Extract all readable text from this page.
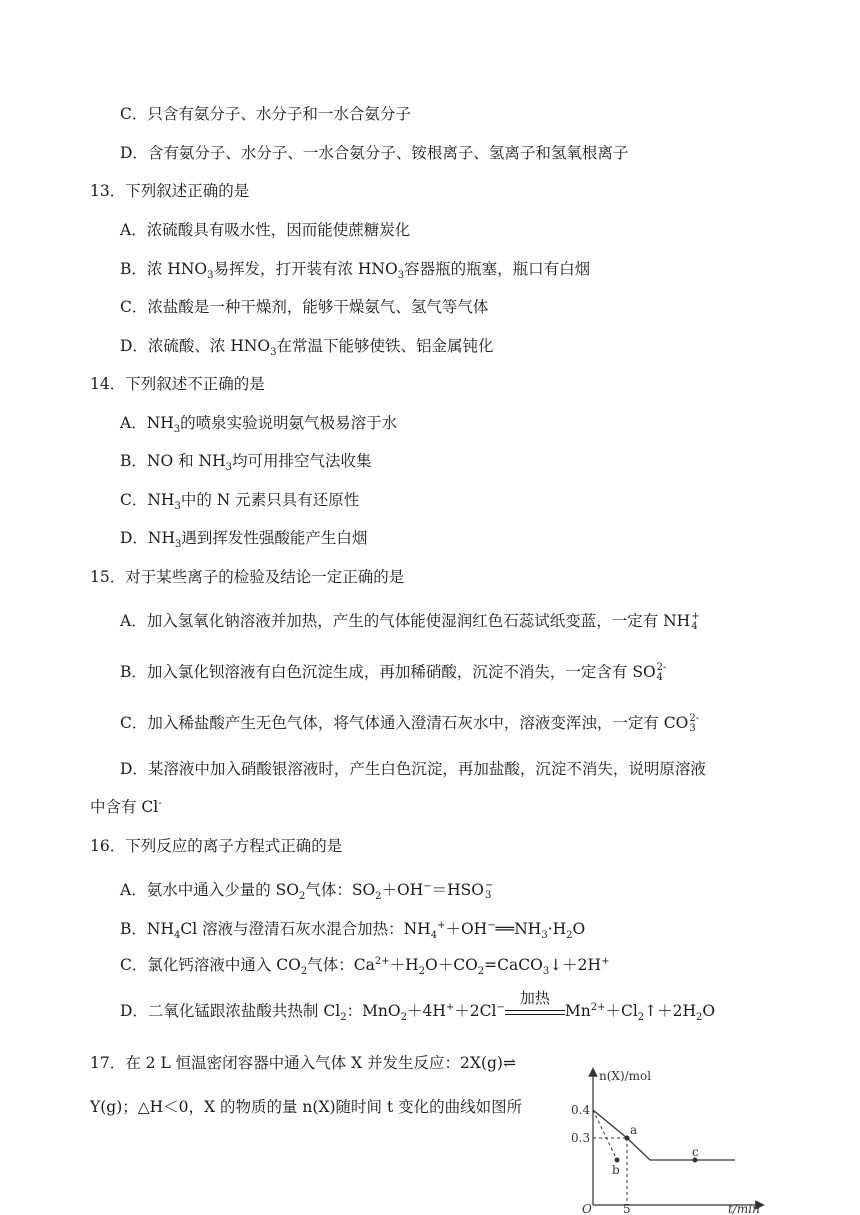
C．只含有氨分子、水分子和一水合氨分子
D．含有氨分子、水分子、一水合氨分子、铵根离子、氢离子和氢氧根离子
13．下列叙述正确的是
A．浓硫酸具有吸水性，因而能使蔗糖炭化
B．浓 $HNO_3$易挥发，打开装有浓 $HNO_3$容器瓶的瓶塞，瓶口有白烟
C．浓盐酸是一种干燥剂，能够干燥氨气、氢气等气体
D．浓硫酸、浓 $HNO_3$在常温下能够使铁、铝金属钝化
14．下列叙述不正确的是
A．$NH_3$的喷泉实验说明氨气极易溶于水
B．NO 和 $NH_3$均可用排空气法收集
C．$NH_3$中的 N 元素只具有还原性
D．$NH_3$遇到挥发性强酸能产生白烟
15．对于某些离子的检验及结论一定正确的是
A．加入氢氧化钠溶液并加热，产生的气体能使湿润红色石蕊试纸变蓝，一定有 NH +
4
B．加入氯化钡溶液有白色沉淀生成，再加稀硝酸，沉淀不消失，一定含有 SO 2-
4
C．加入稀盐酸产生无色气体，将气体通入澄清石灰水中，溶液变浑浊，一定有 CO 2-
3
D．某溶液中加入硝酸银溶液时，产生白色沉淀，再加盐酸，沉淀不消失，说明原溶液
中含有 Cl-
16．下列反应的离子方程式正确的是
A．氨水中通入少量的 $SO_2$气体：$SO_2+OH^-=HSO$ −
3
B．$NH_4Cl$ 溶液与澄清石灰水混合加热：$NH_4^++OH^-══NH_3\cdot H_2O$
C．氯化钙溶液中通入 $CO_2$气体：$Ca^{2+}+H_2O+CO_2=CaCO_3↓+2H^+$
D．二氧化锰跟浓盐酸共热制 $Cl_2$：MnO$_2$＋4H+＋2Cl−
加热
$Mn^{2+}+Cl_2↑+2H_2O$
17．在 2 L 恒温密闭容器中通入气体 X 并发生反应：2X(g)⇌
Y(g)；△H＜0，X 的物质的量 n(X)随时间 t 变化的曲线如图所
n(X)/mol
t/min
O
0.4
0.3
5
a
b
c
